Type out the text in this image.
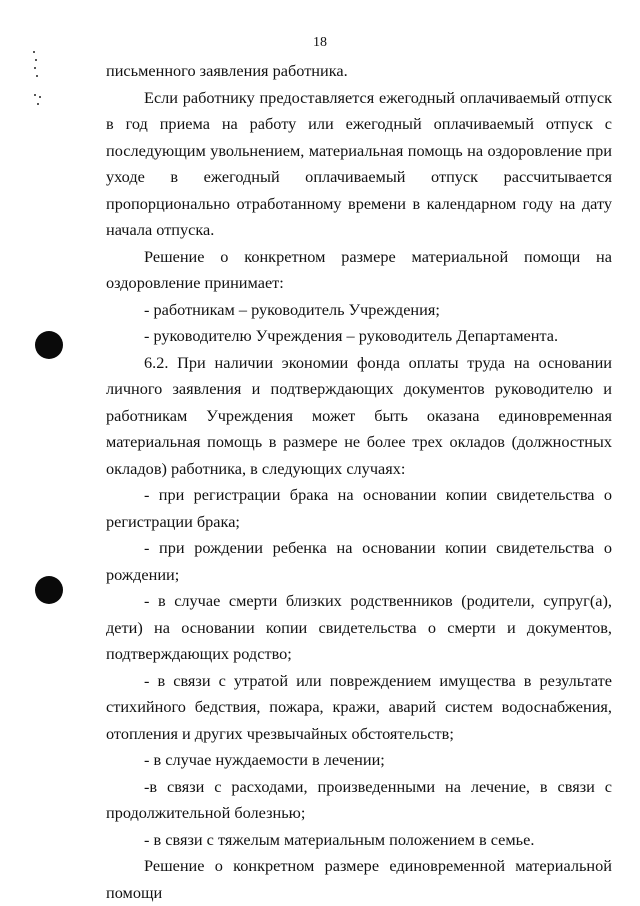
18

письменного заявления работника.

Если работнику предоставляется ежегодный оплачиваемый отпуск в год приема на работу или ежегодный оплачиваемый отпуск с последующим увольнением, материальная помощь на оздоровление при уходе в ежегодный оплачиваемый отпуск рассчитывается пропорционально отработанному времени в календарном году на дату начала отпуска.

Решение о конкретном размере материальной помощи на оздоровление принимает:

- работникам – руководитель Учреждения;

- руководителю Учреждения – руководитель Департамента.

6.2. При наличии экономии фонда оплаты труда на основании личного заявления и подтверждающих документов руководителю и работникам Учреждения может быть оказана единовременная материальная помощь в размере не более трех окладов (должностных окладов) работника, в следующих случаях:

- при регистрации брака на основании копии свидетельства о регистрации брака;

- при рождении ребенка на основании копии свидетельства о рождении;

- в случае смерти близких родственников (родители, супруг(а), дети) на основании копии свидетельства о смерти и документов, подтверждающих родство;

- в связи с утратой или повреждением имущества в результате стихийного бедствия, пожара, кражи, аварий систем водоснабжения, отопления и других чрезвычайных обстоятельств;

- в случае нуждаемости в лечении;

-в связи с расходами, произведенными на лечение, в связи с продолжительной болезнью;

- в связи с тяжелым материальным положением в семье.

Решение о конкретном размере единовременной материальной помощи
